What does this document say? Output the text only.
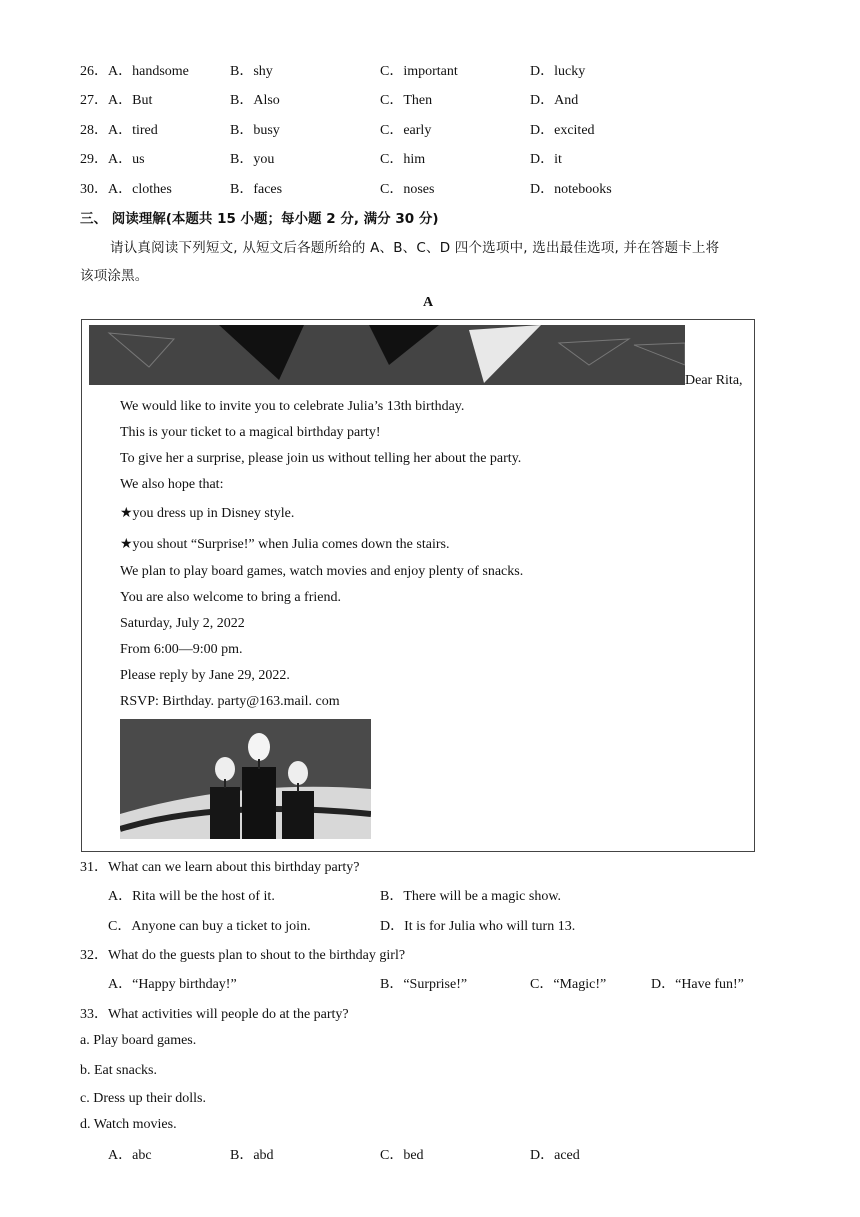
26． A．handsome	B．shy	C．important	D．lucky
27． A．But	B．Also	C．Then	D．And
28． A．tired	B．busy	C．early	D．excited
29． A．us	B．you	C．him	D．it
30． A．clothes	B．faces	C．noses	D．notebooks
三、 阅读理解(本题共 15 小题；每小题 2 分, 满分 30 分)
请认真阅读下列短文, 从短文后各题所给的 A、B、C、D 四个选项中, 选出最佳选项, 并在答题卡上将
该项涂黑。
A
Dear Rita,
We would like to invite you to celebrate Julia’s 13th birthday.
This is your ticket to a magical birthday party!
To give her a surprise, please join us without telling her about the party.
We also hope that:
★you dress up in Disney style.
★you shout “Surprise!” when Julia comes down the stairs.
We plan to play board games, watch movies and enjoy plenty of snacks.
You are also welcome to bring a friend.
Saturday, July 2, 2022
From 6:00—9:00 pm.
Please reply by Jane 29, 2022.
RSVP: Birthday. party@163.mail. com
31．What can we learn about this birthday party?
A．Rita will be the host of it.	B．There will be a magic show.
C．Anyone can buy a ticket to join.	D．It is for Julia who will turn 13.
32．What do the guests plan to shout to the birthday girl?
A．“Happy birthday!”	B．“Surprise!”	C．“Magic!”	D．“Have fun!”
33．What activities will people do at the party?
a. Play board games.
b. Eat snacks.
c. Dress up their dolls.
d. Watch movies.
A．abc	B．abd	C．bed	D．aced
